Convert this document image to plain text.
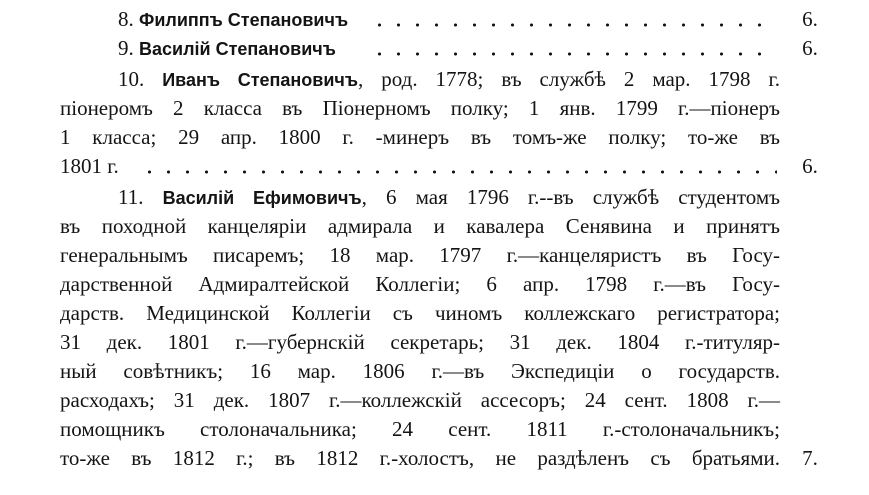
8. Филиппъ Степановичъ	6.
9. Василій Степановичъ	6.
10. Иванъ Степановичъ, род. 1778; въ службѣ 2 мар. 1798 г.
піонеромъ 2 класса въ Піонерномъ полку; 1 янв. 1799 г.—піонеръ
1 класса; 29 апр. 1800 г. -минеръ въ томъ-же полку; то-же въ
1801 г.	6.
11. Василій Ефимовичъ, 6 мая 1796 г.--въ службѣ студентомъ
въ походной канцеляріи адмирала и кавалера Сенявина и принятъ
генеральнымъ писаремъ; 18 мар. 1797 г.—канцеляристъ въ Госу-
дарственной Адмиралтейской Коллегіи; 6 апр. 1798 г.—въ Госу-
даpств. Медицинской Коллегіи съ чиномъ коллежскаго регистратора;
31 дек. 1801 г.—губернскій секретарь; 31 дек. 1804 г.-титуляр-
ный совѣтникъ; 16 мар. 1806 г.—въ Экспедиціи о государств.
расходахъ; 31 дек. 1807 г.—коллежскій ассесоръ; 24 сент. 1808 г.—
помощникъ столоначальника; 24 сент. 1811 г.-столоначальникъ;
то-же въ 1812 г.; въ 1812 г.-холостъ, не раздѣленъ съ братьями.	7.
